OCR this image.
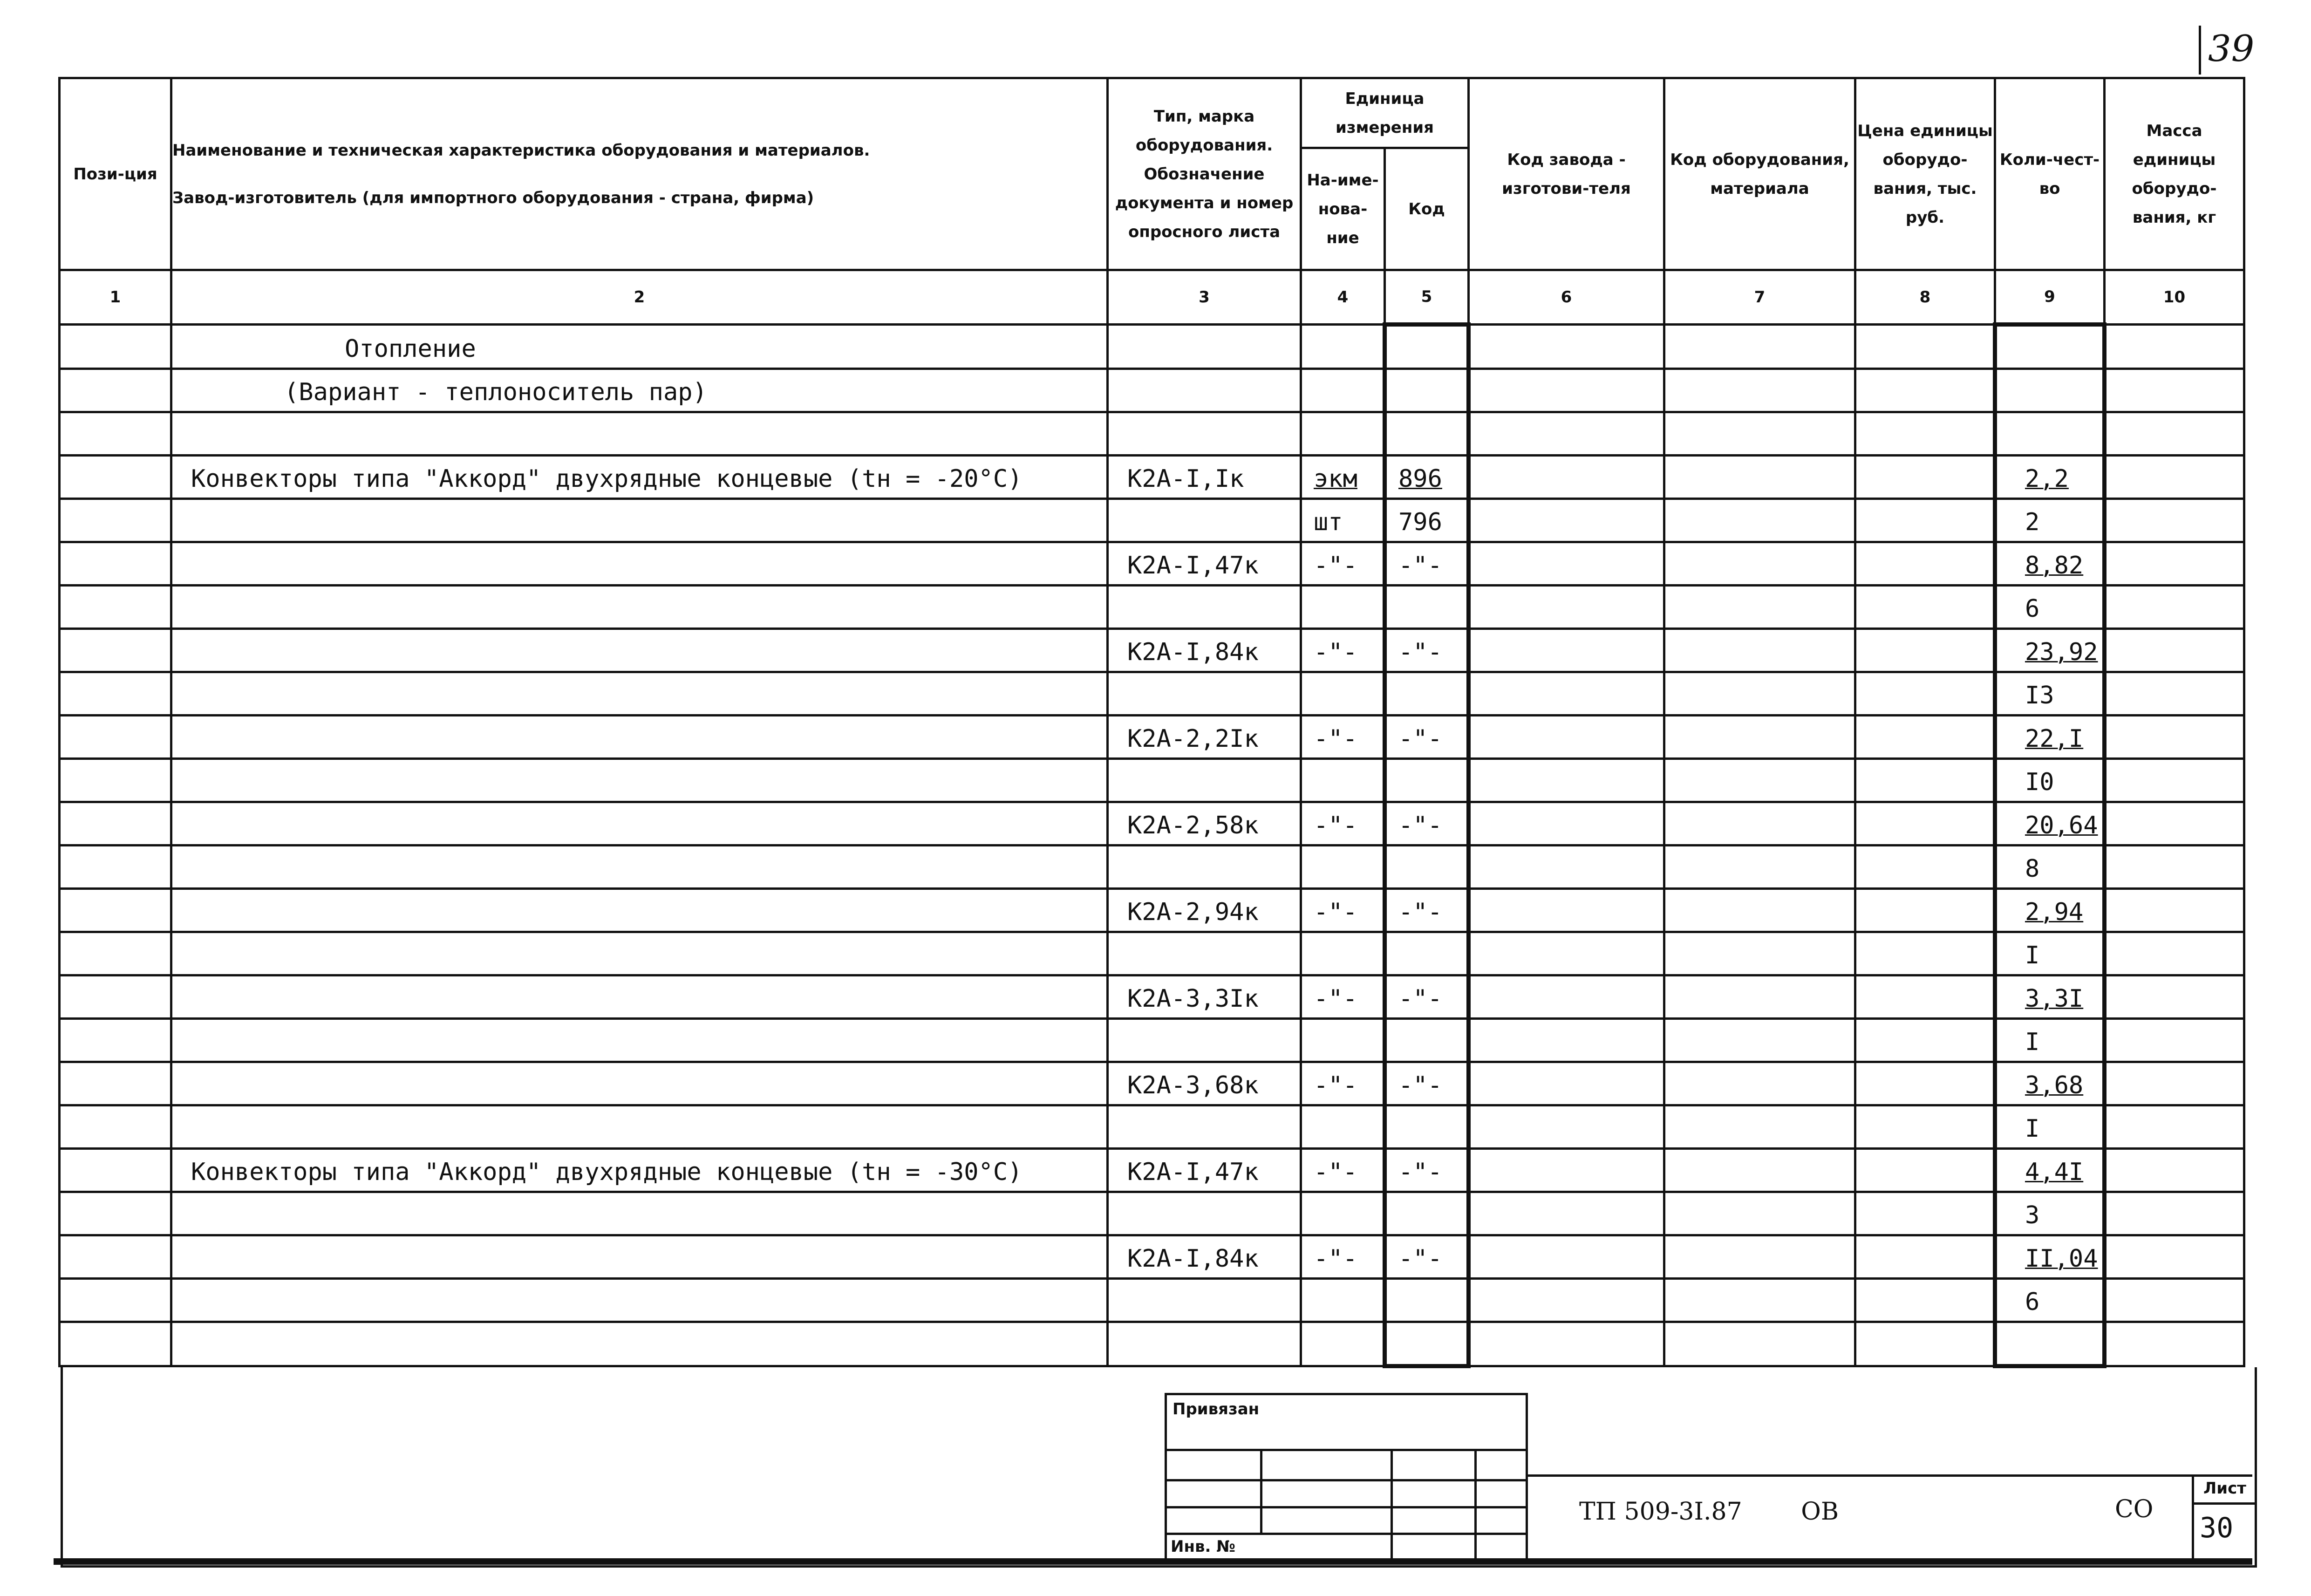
39
Пози-ция	Наименование и техническая характеристика оборудования и материалов.
Завод-изготовитель (для импортного оборудования - страна, фирма)	Тип, марка оборудования. Обозначение документа и номер опросного листа	Единица измерения		Код завода - изготови-теля	Код оборудования, материала	Цена единицы оборудо-вания, тыс. руб.	Коли-чест-во	Масса единицы оборудо-вания, кг
			На-име-нова-ние	Код					
1	2	3	4	5	6	7	8	9	10
	Отопление								
	(Вариант - теплоноситель пар)								

	Конвекторы типа "Аккорд" двухрядные концевые (tн = -20°C)	К2А-I,Iк	экм	896				2,2	
			шт	796				2	
		К2А-I,47к	-"-	-"-				8,82	
								6	
		К2А-I,84к	-"-	-"-				23,92	
								I3	
		К2А-2,2Iк	-"-	-"-				22,I	
								I0	
		К2А-2,58к	-"-	-"-				20,64	
								8	
		К2А-2,94к	-"-	-"-				2,94	
								I	
		К2А-3,3Iк	-"-	-"-				3,3I	
								I	
		К2А-3,68к	-"-	-"-				3,68	
								I	
	Конвекторы типа "Аккорд" двухрядные концевые (tн = -30°C)	К2А-I,47к	-"-	-"-				4,4I	
								3	
		К2А-I,84к	-"-	-"-				II,04	
								6	

Привязан
Инв. №
ТП 509-3I.87 ОВ	СО
Лист
30
